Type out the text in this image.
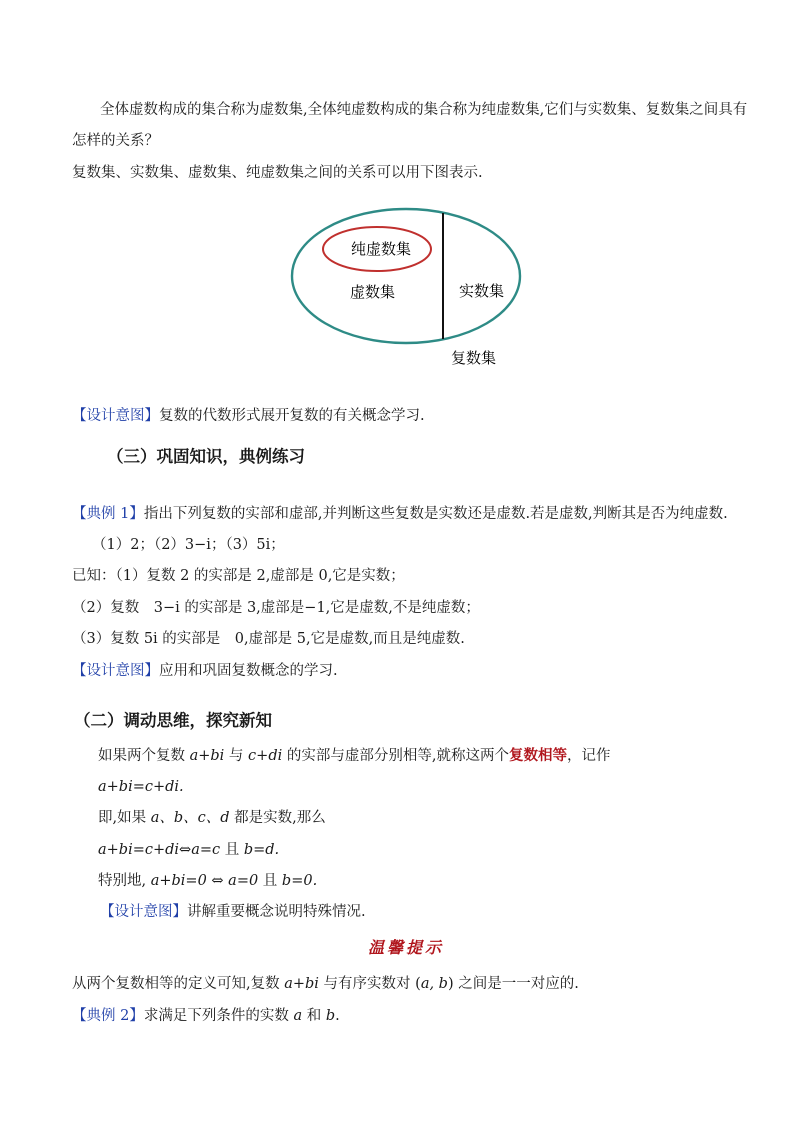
全体虚数构成的集合称为虚数集,全体纯虚数构成的集合称为纯虚数集,它们与实数集、复数集之间具有
怎样的关系？
复数集、实数集、虚数集、纯虚数集之间的关系可以用下图表示.
纯虚数集
虚数集	实数集
复数集
【设计意图】复数的代数形式展开复数的有关概念学习.
（三）巩固知识，典例练习
【典例 1】指出下列复数的实部和虚部,并判断这些复数是实数还是虚数.若是虚数,判断其是否为纯虚数.
（1）2；（2）3−i；（3）5i；
已知：（1）复数 2 的实部是 2,虚部是 0,它是实数；
（2）复数　3−i 的实部是 3,虚部是−1,它是虚数,不是纯虚数；
（3）复数 5i 的实部是　0,虚部是 5,它是虚数,而且是纯虚数.
【设计意图】应用和巩固复数概念的学习.
（二）调动思维，探究新知
如果两个复数 a+bi 与 c+di 的实部与虚部分别相等,就称这两个复数相等，记作
a+bi=c+di.
即,如果 a、b、c、d 都是实数,那么
a+bi=c+di⇔a=c 且 b=d.
特别地, a+bi=0 ⇔ a=0 且 b=0.
【设计意图】讲解重要概念说明特殊情况.
温馨提示
从两个复数相等的定义可知,复数 a+bi 与有序实数对 (a, b) 之间是一一对应的.
【典例 2】求满足下列条件的实数 a 和 b.
